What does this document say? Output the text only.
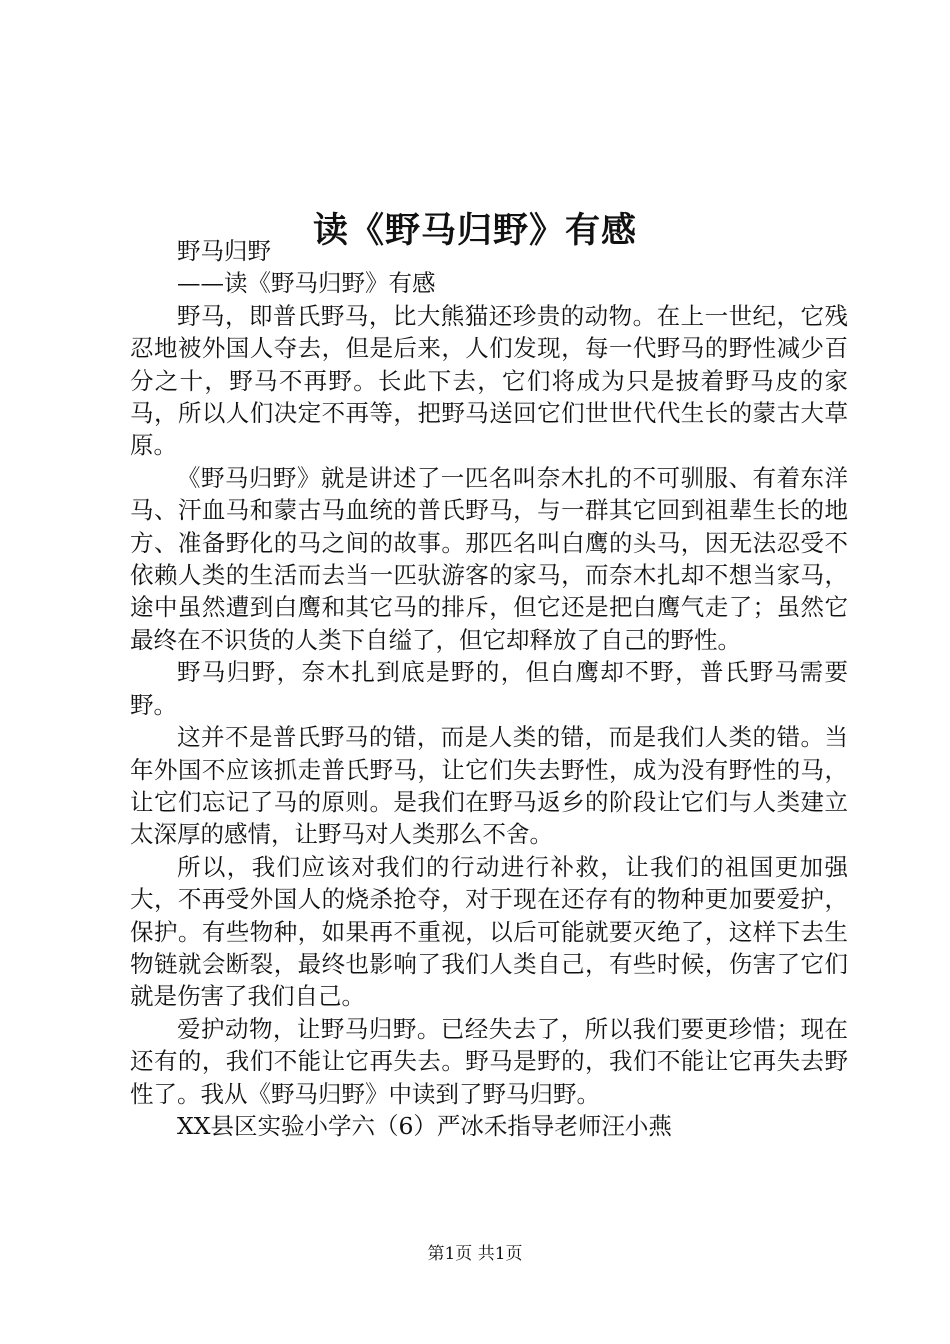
读《野马归野》有感

野马归野

——读《野马归野》有感

野马，即普氏野马，比大熊猫还珍贵的动物。在上一世纪，它残忍地被外国人夺去，但是后来，人们发现，每一代野马的野性减少百分之十，野马不再野。长此下去，它们将成为只是披着野马皮的家马，所以人们决定不再等，把野马送回它们世世代代生长的蒙古大草原。

《野马归野》就是讲述了一匹名叫奈木扎的不可驯服、有着东洋马、汗血马和蒙古马血统的普氏野马，与一群其它回到祖辈生长的地方、准备野化的马之间的故事。那匹名叫白鹰的头马，因无法忍受不依赖人类的生活而去当一匹驮游客的家马，而奈木扎却不想当家马，途中虽然遭到白鹰和其它马的排斥，但它还是把白鹰气走了；虽然它最终在不识货的人类下自缢了，但它却释放了自己的野性。

野马归野，奈木扎到底是野的，但白鹰却不野，普氏野马需要野。

这并不是普氏野马的错，而是人类的错，而是我们人类的错。当年外国不应该抓走普氏野马，让它们失去野性，成为没有野性的马，让它们忘记了马的原则。是我们在野马返乡的阶段让它们与人类建立太深厚的感情，让野马对人类那么不舍。

所以，我们应该对我们的行动进行补救，让我们的祖国更加强大，不再受外国人的烧杀抢夺，对于现在还存有的物种更加要爱护，保护。有些物种，如果再不重视，以后可能就要灭绝了，这样下去生物链就会断裂，最终也影响了我们人类自己，有些时候，伤害了它们就是伤害了我们自己。

爱护动物，让野马归野。已经失去了，所以我们要更珍惜；现在还有的，我们不能让它再失去。野马是野的，我们不能让它再失去野性了。我从《野马归野》中读到了野马归野。

XX县区实验小学六（6）严冰禾指导老师汪小燕

第1页 共1页
